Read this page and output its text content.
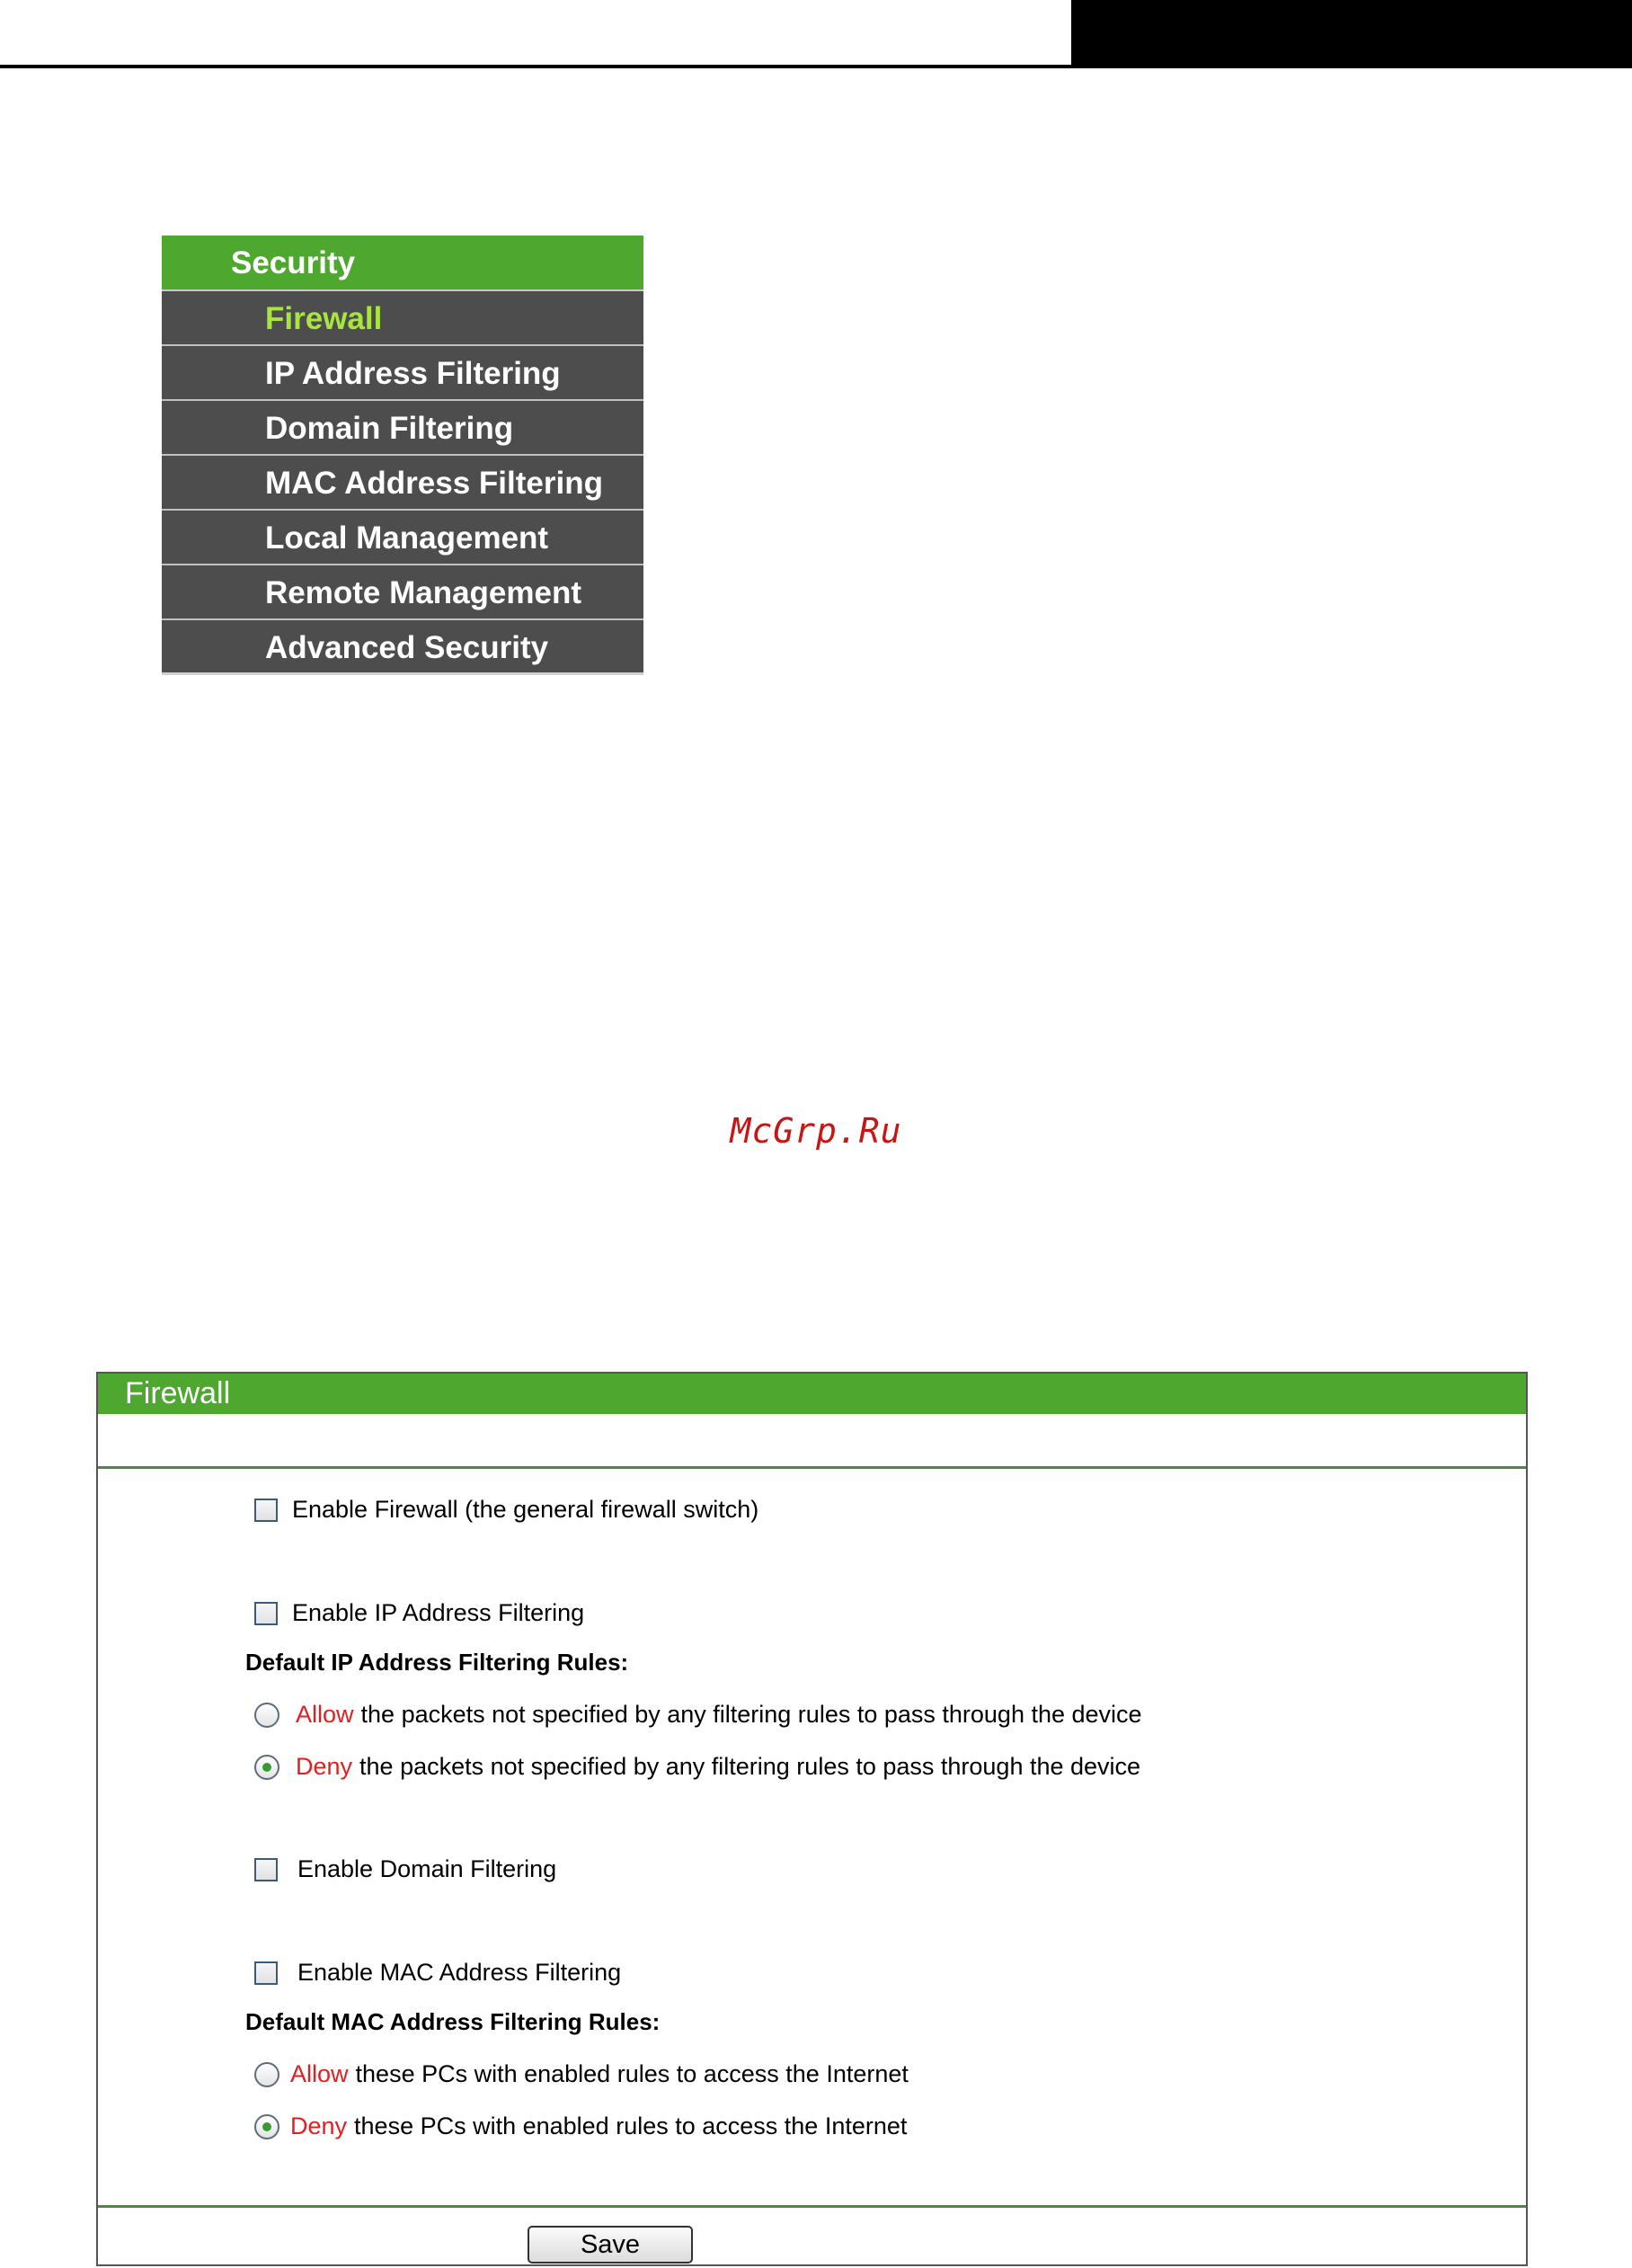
Security
Firewall
IP Address Filtering
Domain Filtering
MAC Address Filtering
Local Management
Remote Management
Advanced Security
McGrp.Ru
Firewall
Enable Firewall (the general firewall switch)
Enable IP Address Filtering
Default IP Address Filtering Rules:
Allow the packets not specified by any filtering rules to pass through the device
Deny the packets not specified by any filtering rules to pass through the device
Enable Domain Filtering
Enable MAC Address Filtering
Default MAC Address Filtering Rules:
Allow these PCs with enabled rules to access the Internet
Deny these PCs with enabled rules to access the Internet
Save
